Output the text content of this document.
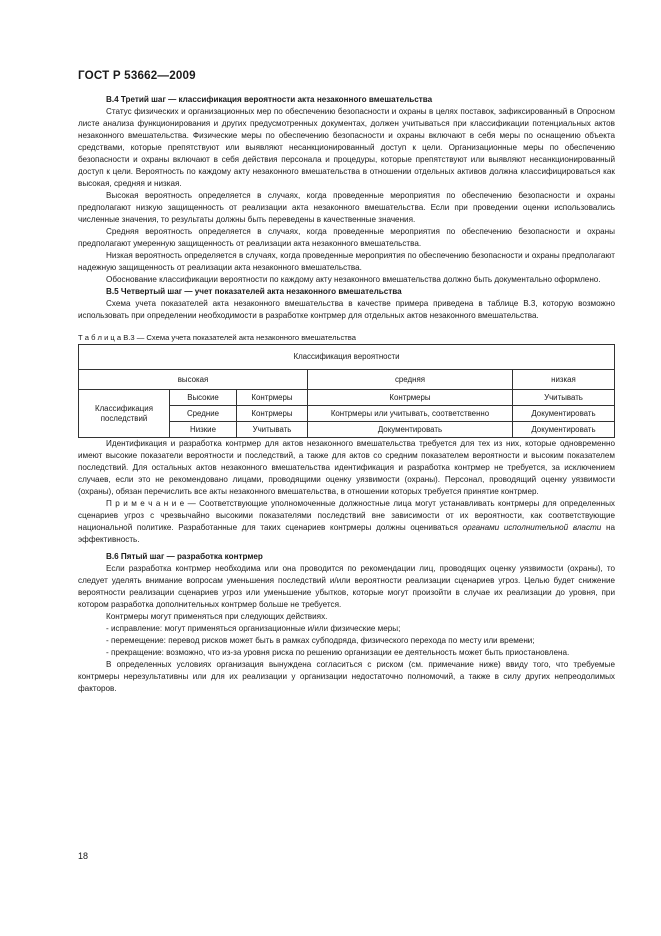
ГОСТ Р 53662—2009

В.4 Третий шаг — классификация вероятности акта незаконного вмешательства

Статус физических и организационных мер по обеспечению безопасности и охраны в целях поставок, зафиксированный в Опросном листе анализа функционирования и других предусмотренных документах, должен учитываться при классификации потенциальных актов незаконного вмешательства. Физические меры по обеспечению безопасности и охраны включают в себя меры по оснащению объекта средствами, которые препятствуют или выявляют несанкционированный доступ к цели. Организационные меры по обеспечению безопасности и охраны включают в себя действия персонала и процедуры, которые препятствуют или выявляют несанкционированный доступ к цели. Вероятность по каждому акту незаконного вмешательства в отношении отдельных активов должна классифицироваться как высокая, средняя и низкая.

Высокая вероятность определяется в случаях, когда проведенные мероприятия по обеспечению безопасности и охраны предполагают низкую защищенность от реализации акта незаконного вмешательства. Если при проведении оценки использовались численные значения, то результаты должны быть переведены в качественные значения.

Средняя вероятность определяется в случаях, когда проведенные мероприятия по обеспечению безопасности и охраны предполагают умеренную защищенность от реализации акта незаконного вмешательства.

Низкая вероятность определяется в случаях, когда проведенные мероприятия по обеспечению безопасности и охраны предполагают надежную защищенность от реализации акта незаконного вмешательства.

Обоснование классификации вероятности по каждому акту незаконного вмешательства должно быть документально оформлено.

В.5 Четвертый шаг — учет показателей акта незаконного вмешательства

Схема учета показателей акта незаконного вмешательства в качестве примера приведена в таблице В.3, которую возможно использовать при определении необходимости в разработке контрмер для отдельных актов незаконного вмешательства.

Т а б л и ц а В.3 — Схема учета показателей акта незаконного вмешательства

Классификация вероятности				
высокая			средняя	низкая
Классификация последствий	Высокие	Контрмеры	Контрмеры	Учитывать
	Средние	Контрмеры	Контрмеры или учитывать, соответственно	Документировать
	Низкие	Учитывать	Документировать	Документировать

Идентификация и разработка контрмер для актов незаконного вмешательства требуется для тех из них, которые одновременно имеют высокие показатели вероятности и последствий, а также для актов со средним показателем вероятности и высоким показателем последствий. Для остальных актов незаконного вмешательства идентификация и разработка контрмер не требуется, за исключением случаев, если это не рекомендовано лицами, проводящими оценку уязвимости (охраны). Персонал, проводящий оценку уязвимости (охраны), обязан перечислить все акты незаконного вмешательства, в отношении которых требуется принятие контрмер.

П р и м е ч а н и е — Соответствующие уполномоченные должностные лица могут устанавливать контрмеры для определенных сценариев угроз с чрезвычайно высокими показателями последствий вне зависимости от их вероятности, как соответствующие национальной политике. Разработанные для таких сценариев контрмеры должны оцениваться органами исполнительной власти на эффективность.

В.6 Пятый шаг — разработка контрмер

Если разработка контрмер необходима или она проводится по рекомендации лиц, проводящих оценку уязвимости (охраны), то следует уделять внимание вопросам уменьшения последствий и/или вероятности реализации сценариев угроз. Целью будет снижение вероятности реализации сценариев угроз или уменьшение убытков, которые могут произойти в случае их реализации до уровня, при котором разработка дополнительных контрмер больше не требуется.

Контрмеры могут применяться при следующих действиях.

- исправление: могут применяться организационные и/или физические меры;

- перемещение: перевод рисков может быть в рамках субподряда, физического перехода по месту или времени;

- прекращение: возможно, что из-за уровня риска по решению организации ее деятельность может быть приостановлена.

В определенных условиях организация вынуждена согласиться с риском (см. примечание ниже) ввиду того, что требуемые контрмеры нерезультативны или для их реализации у организации недостаточно полномочий, а также в силу других непреодолимых факторов.

18
